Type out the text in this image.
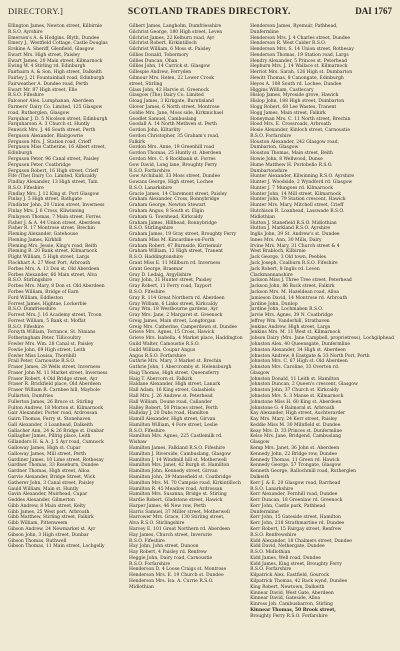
DIRECTORY.]	SCOTLAND TRADES DIRECTORY.	DAI 1767
Ellington James, Newton street, Kilbirnie
R.S.O. Ayrshire
Emerson's A. & Hodgins. Blyth, Dundee
Emery J., Westfield Cottage, Castle Douglas
Erskine A. Sheriff, Glenfield, Glasgow
Ewart Mrs. High street, Paisley
Ewart James, 20 Main street, Kilmarnock
Ewing W. 4 Stirling rd. Edinburgh
Fairbairn A. & Son, High street, Dalkeith
Fairley J. 21 Fountainhall road, Edinburgh
Fairweather A. Dundee road, Perth
Ewart Mr. 87 High street, Elie
R.S.O. Fifeshire
Falconer Alex. Lumphanan, Aberdeen
Farmers' Dairy Co. Limited, 125 Glasgow
road, Rutherglen, Glasgow
Farquhar J. D. 5 Nicolson street, Edinburgh
Farquharson A. 3 Church st. Huntly
Fenwick Mrs. J. 46 South street, Perth
Ferguson Alexander, Blairgowrie
Ferguson Mrs. J. Station road, Crieff
Ferguson Miss Catherine, 16 Albert street,
Edinburgh
Ferguson Peter, 96 Canal street, Paisley
Ferguson Peter, Coatbridge
Ferguson Robert, 16 High street, Crieff
Fife (The) Dairy Co. Limited, Kirkcaldy
Findlay Alexander, 13 High street, Tain
R.S.O. Fifeshire
Findlay Mrs. J. 12 King st. Port Glasgow
Finlay J. 5 High street, Bathgate
Findlater John, 20 Union street, Inverness
Finlay Mrs. J. 6 Cross, Kilwinning
Finlayson Thomas, 7 Main street, Forres
Fisher J. & A. 44 Union street, Aberdeen
Fisher R. 17 Montrose street, Brechin
Fleming Alexander, Gatehouse
Fleming James, Kirkhill
Fleming Mrs. Jessie, King's road, Beith
Fleming R. 20 Bank street, Kilmarnock
Flight William, 5 High street, Largs
Flockhart A. 27 West Port, Arbroath
Forbes Mrs. A. 13 Don st. Old Aberdeen
Forbes Alexander, 66 Main street, Alva
R.S.O. Stirlingshire
Forbes Mrs. Mary, 8 Don st. Old Aberdeen
Forbes William, Bridge of Earn
Ford William, Eddleston
Forrest James, Hightae, Lockerbie
R.S.O. Dumfriesshire
Forrest Mrs. J. 16 Academy street, Troon
Forrest William, 5 Bank st. Moffat
R.S.O. Fifeshire
Forsyth William, Torrance, St. Ninians
Fotheringham Peter, Tillicoultry
Fowler Mrs. Wm. 28 Canal st. Paisley
Fowlie John, 69 High street, Leith
Fowler Miss Louisa, Thornhill
Frail Peter, Carnoustie R.S.O.
Fraser James, 28 Wells street, Inverness
Fraser John M. 11 Market street, Inverness
Fraser Robert, 4 Old Bridge street, Ayr
Fraser R. Brickfield place, Old Aberdeen
Fraser William R. Carnbee hill, Maybole
Fullarton, Dumfries
Fullerton James, 26 Bruce st. Stirling
Fulton Andrew, 18 Morton st. Kilmarnock
Gair Alexander, Porter road, Ardrossan
Gairn Thomas, Ferry st. Stonehaven
Gall Alexander, 3 Loanhead, Dalkeith
Gallacher Ann, 24 & 26 Bridge st. Dunbar
Gallagher James, Pillrig place, Leith
Gillanders H. & A. J. 5 Ayr road, Cumnock
Galloway James, High st. Cupar
Galloway James, Mill street, Perth
Gardiner James, 10 Lime street, Rothesay
Gardner Thomas, 33 Roseburn, Dundee
Gardner Thomas, High street, Alloa
Garvie Alexander, Bridge Street, Wick
Gatherer John, 3 Canal street, Paisley
Gauld William, Main st. Huntly
Gavin Alexander, Muirhead, Cupar
Geddes Alexander, Gilmerton
Gibb Andrew, 8 Main street, Kelty
Gibb James, 25 West port, Arbroath
Gibb Matthew, Stirling street, Falkirk
Gibb William, Pittenweem
Gibson Andrew, 24 Newmarket st. Ayr
Gibson John, 3 High street, Dunbar
Gibson Thomas, Ruthwell
Gibson Thomas, 11 Main street, Lochgelly
Gilbert James, Langholm, Dumfriesshire
Gilchrist George, 180 High street, Leven
Gilchrist James, 22 Kelburn road, Ayr
Gilchrist Robert, Kirkintilloch
Gilchrist William, 6 Moss st. Paisley
Gillies Donald, Tobermory
Gillies Duncan, Oban
Gillies John, 14 Carrick st. Glasgow
Gillespie Andrew, Ferryden
Gilmour Mrs. Helen, 22 Lower Crook
street, Stirling
Glass John, 42 Harvie st. Greenock
Glasgow (The) Dairy Co. Limited
Gloag James, 3 Kirkgate, Burntisland
Glover James, 6 North street, Montrose
Goldie Mrs. Jane, Moss side, Kirkmichael
Goodlet Samuel, Cambuslang
Goodall A. 14 North Methven st. Perth
Gordon John, Kiltarlity
Gordon Christopher, 35 Graham's road,
Falkirk
Gordon Mrs. Anne, 19 Greenhill road
Gordon Thomas, 25 Huntly st. Aberdeen
Gordon Mrs. C. 6 Rockbank st. Forres
Gow David, Long lane, Broughty Ferry
R.S.O. Forfarshire
Gow Archibald, 33 Moss street, Dundee
Gowans George, High street, Lochee
R.S.O. Lanarkshire
Gracie James, 14 Claremont street, Paisley
Graham Alexander, Cross, Bonnybridge
Graham George, Newton Stewart
Graham Angus, 8 South st. Elgin
Graham G. Townhead, Kirkcaldy
Graham James, Hillhead, Bonnybridge
R.S.O. Stirlingshire
Graham James, 19 Gray street, Broughty Ferry
Graham Miss M. Kincardine-on-Forth
Graham Robert, 47 Burnside, Kirriemuir
Graham William, 12 High street, Tranent
R.S.O. Haddingtonshire
Grant Miss E. 11 Millburn rd. Inverness
Grant George, Braemar
Gray D. Ledaig, Argyllshire
Gray John, 31 Hunter street, Paisley
Gray Robert, 11 Ferry road, Tayport
R.S.O. Fifeshire
Gray R. 114 Great Northern rd. Aberdeen
Gray William, 6 Links street, Kirkcaldy
Gray Wm. 18 Westbourne gardens, Ayr
Gray Mrs. Jane, 2 Margaret st. Greenock
Greig James, Main street, Longforgan
Greig Mrs. Catherine, Camperdown st. Dundee
Grieve Mrs. Agnes, 15 Cross, Hawick
Grieve Mrs. Isabella, 4 Market place, Haddington
Guild Walter, Camoustie R.S.O.
Guild William, Coupar Angus
Angus R.S.O. Forfarshire
Guthrie Mrs. Mary, 3 Market st. Brechin
Guthrie John, 1 Abercromby st. Helensburgh
Haig Thomas, High street, Queensferry
Haig T. Abercorn st. Falkirk
Haldane Alexander, High street, Lanark
Hall Adam, 16 King street, Galashiels
Hall Mrs. J. 26 Andrew st. Peterhead
Hall William, Doune road, Callander
Halley Robert, 50 Princes street, Perth
Halliday J. 20 Dubs road, Hamilton
Hamill Alexander, High street, Girvan
Hamilton William, 4 Fore street, Leslie
R.S.O. Fifeshire
Hamilton Mrs. Agnes, 225 Castlemilk rd.
Wishaw
Hamilton James, Falkland R.S.O. Fifeshire
Hamilton J. Riverside, Cambuslang, Glasgow
Hamilton J. 14 Windmill hill st. Motherwell
Hamilton Mrs. Janet, 42 Burgh st. Hamilton
Hamilton John, Kennedy street, Girvan
Hamilton John, 39 Mansefield st. Coatbridge
Hamilton Mrs. M. 70 Campsie road, Kirkintilloch
Hamilton R. 45 Meadow road, Ardrossan
Hamilton Mrs. Susanna, Bridge st. Stirling
Hardie Robert, Gladstone street, Hawick
Harper James, 46 New row, Perth
Harris Samuel, 37 Miller street, Motherwell
Harrower Mrs. Grace, 130 Stirling street,
Alva R.S.O. Stirlingshire
Harvey E. 101 Great Northern rd. Aberdeen
Hay James, Church street, Inverurie
R.S.O. Fifeshire
Hay John, John street, Dunoon
Hay Robert, 4 Paisley rd. Renfrew
Heggie John, Dairy road, Carnoustie
R.S.O. Forfarshire
Henderson D. 4 Loose Craigs st. Montrose
Henderson Mrs. E. 19 Church st. Dundee
Henderson Mrs. Isa. A. Currie R.S.O.
Midlothian
Henderson James, Ryemuir, Pathhead,
Dunfermline
Henderson Mrs. J. 4 Charles street, Dundee
Henderson R. West Calder R.S.O.
Henderson Mrs. S. 14 Union street, Rothesay
Henderson Thomas, 19 Station road, Largs
Hendry Alexander, 5 Princes st. Peterhead
Hepburn Mrs. J. 14 Wallace st. Kilmarnock
Herriot Mrs. Sarah, 126 High st. Dumbarton
Hewitt Thomas, 8 Canongate, Edinburgh
Heyes A. 108 South rd. Lochee, Dundee
Higgins William, Castlecary
Hislop James, Myreside grove, Hawick
Hislop John, 188 High street, Dumbarton
Hogg Robert, 68 Lee Wastes, Tranent
Hogg James, Main street, Falkirk
Honeyman Mrs. C. 11 North street, Brechin
Hood Mrs. E. Crossroads, Arbroath
Hosie Alexander, Kinloch street, Carnoustie
R.S.O. Forfarshire
Houston Alexander, 242 Glasgow road,
Dumbarton, Glasgow
Houston Thomas, Main street, Beith
Howie John, 8 Wellwood, Dunse
Hume Matthew H. Portobello R.S.O.
Dumbartonshire
Hunter Alexander, Kilwinning R.S.O. Ayrshire
Hunter J. Woodside, 2 Wyndford rd. Glasgow
Hunter J. 7 Mungoes rd. Kilmarnock
Hunter John, 14 Mill street, Kilmarnock
Hunter John, 79 Station crescent, Hawick
Hunter Mrs. Mary, Mitchell street, Crieff
Hutchison R. Loanhead, Lasswade R.S.O.
Midlothian
Hutton J. Stanefield R.S.O. Midlothian
Hutton J. Markland R.S.O. Ayrshire
Inglis John, 39 St. Andrew's st. Dundee
Innes Mrs. Ann, 30 Mills, Dalry
Irvine Mrs. Mary, 31 Church street & 4
West Brabloch, Kilbirnie
Jack George, 3 Old town, Peebles
Jack Joseph, Coalburn R.S.O. Fifeshire
Jack Robert, 8 Inglis rd. Leven
Clackmannanshire
Jackson Miss J. Three Tree street, Peterhead
Jackson John, 86 Buck street, Falkirk
Jackson Mrs. M. Hazeldean road, Alloa
Jamieson David, 14 Montrose rd. Arbroath
Jardine John, Dunlop
Jardine John, Lochmaben R.S.O.
Jarvie Mrs. Agnes, 39 N. Coatbridge
Jeffrey Wm. Vanderhill, Strathaven
Jenkins Andrew, High street, Largs
Jenkins Mrs. M. 11 West st. Kilmarnock
Jobson Dairy (Mrs. Jane Campbell, proprietress), Lochgilphead
Johnston Alex. 40 Queensgate, Dunfermline
Johnston Alexander, 34 High st. Aberdeen
Johnston Andrew, 8 Eastgate & 33 North Port, Perth
Johnston Mrs. C. 67 High st. Old Aberdeen
Johnston Mrs. Caroline, 33 Overton rd.
Glasgow
Johnston Donald, 11 Leith st. Hamilton
Johnston Duncan, 2 Queen's crescent, Glasgow
Johnston John, 37 Church st. Kirkcaldy
Johnston Mrs. S. 3 Manse st. Kilmarnock
Johnstone Miss H. 60 King st. Aberdeen
Johnstone G. 4 Balmoral st. Arbroath
Kay Alexander, High street, Auchterarder
Kay Mrs. Mary, 24 Kerr street, Paisley
Keddie Miss M. 30 Milnfield st. Dundee
Keay Mrs. D. 33 Princes st. Dunfermline
Kelso Mrs. Jane, Bridgend, Cambuslang
Glasgow
Kemp Mrs. Janet, 36 John st. Aberdeen
Kennedy John, 22 Bridge row, Dundee
Kennedy Thomas, 11 Green rd. Hawick
Kennedy George, 57 Trongate, Glasgow
Kenneth George, Ballochmill road, Rutherglen
Dalkeith
Kerr J. & E. 20 Glasgow road, Barrhead
R.S.O. Lanarkshire
Kerr Alexander, Fernhill road, Dundee
Kerr Duncan, 18 Greenlaw rd. Greenock
Kerr John, Castle park, Pathhead
Dunfermline
Kerr John, 15 Gateside street, Hamilton
Kerr John, 218 Strathmartine rd. Dundee
Kerr Robert, 15 Fairgay street, Renfrew
R.S.O. Renfrewshire
Kidd Alexander, 18 Chalmers street, Dundee
Kidd David, Nethergate, Dundee
R.S.O. Midlothian
Kidd James, Well road, Dundee
Kidd James, King street, Broughty Ferry
R.S.O. Forfarshire
Kilpatrick Alex. Eastfield, Gourock
Kilpatrick Thomas, 42 Back wynd, Dundee
King Robert, Newtown, Dalkeith
Kinnear David, West Gate, Aberdeen
Kinnear David, Gateside, Alloa
Kinross Joh. Cambusbarron, Stirling
Kinnear Thomas, 50 Brook street,
Broughty Ferry R.S.O. Forfarshire
